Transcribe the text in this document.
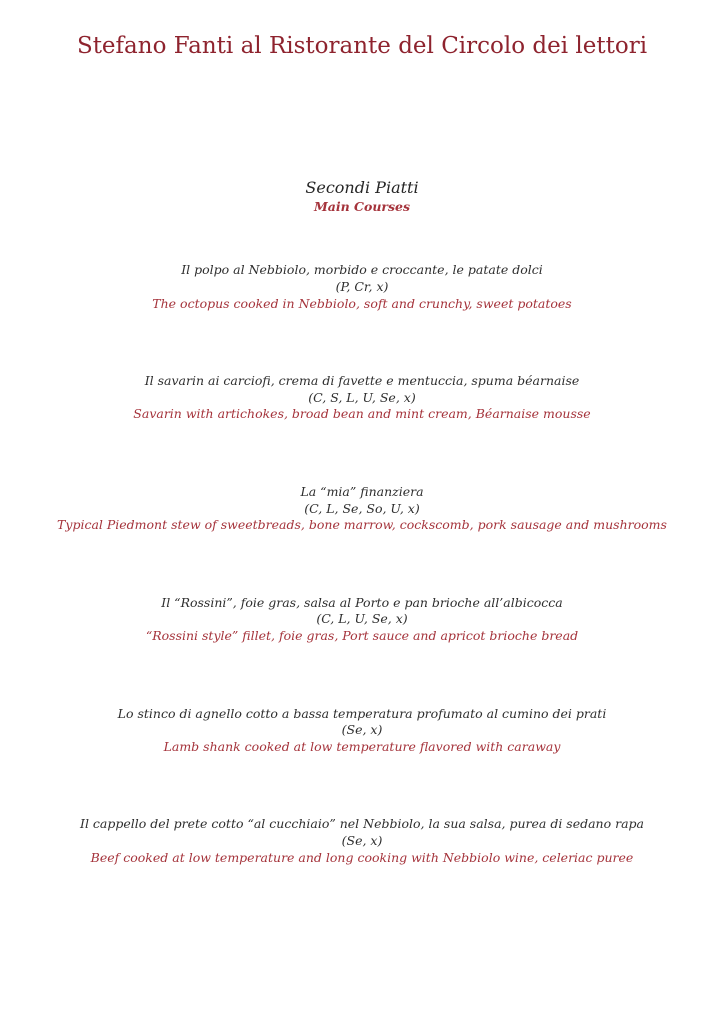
Stefano Fanti al Ristorante del Circolo dei lettori
Secondi Piatti
Main Courses
Il polpo al Nebbiolo, morbido e croccante, le patate dolci
(P, Cr, x)
The octopus cooked in Nebbiolo, soft and crunchy, sweet potatoes
Il savarin ai carciofi, crema di favette e mentuccia, spuma béarnaise
(C, S, L, U, Se, x)
Savarin with artichokes, broad bean and mint cream, Béarnaise mousse
La “mia” finanziera
(C, L, Se, So, U, x)
Typical Piedmont stew of sweetbreads, bone marrow, cockscomb, pork sausage and mushrooms
Il “Rossini”, foie gras, salsa al Porto e pan brioche all’albicocca
(C, L, U, Se, x)
“Rossini style” fillet, foie gras, Port sauce and apricot brioche bread
Lo stinco di agnello cotto a bassa temperatura profumato al cumino dei prati
(Se, x)
Lamb shank cooked at low temperature flavored with caraway
Il cappello del prete cotto “al cucchiaio” nel Nebbiolo, la sua salsa, purea di sedano rapa
(Se, x)
Beef cooked at low temperature and long cooking with Nebbiolo wine, celeriac puree
